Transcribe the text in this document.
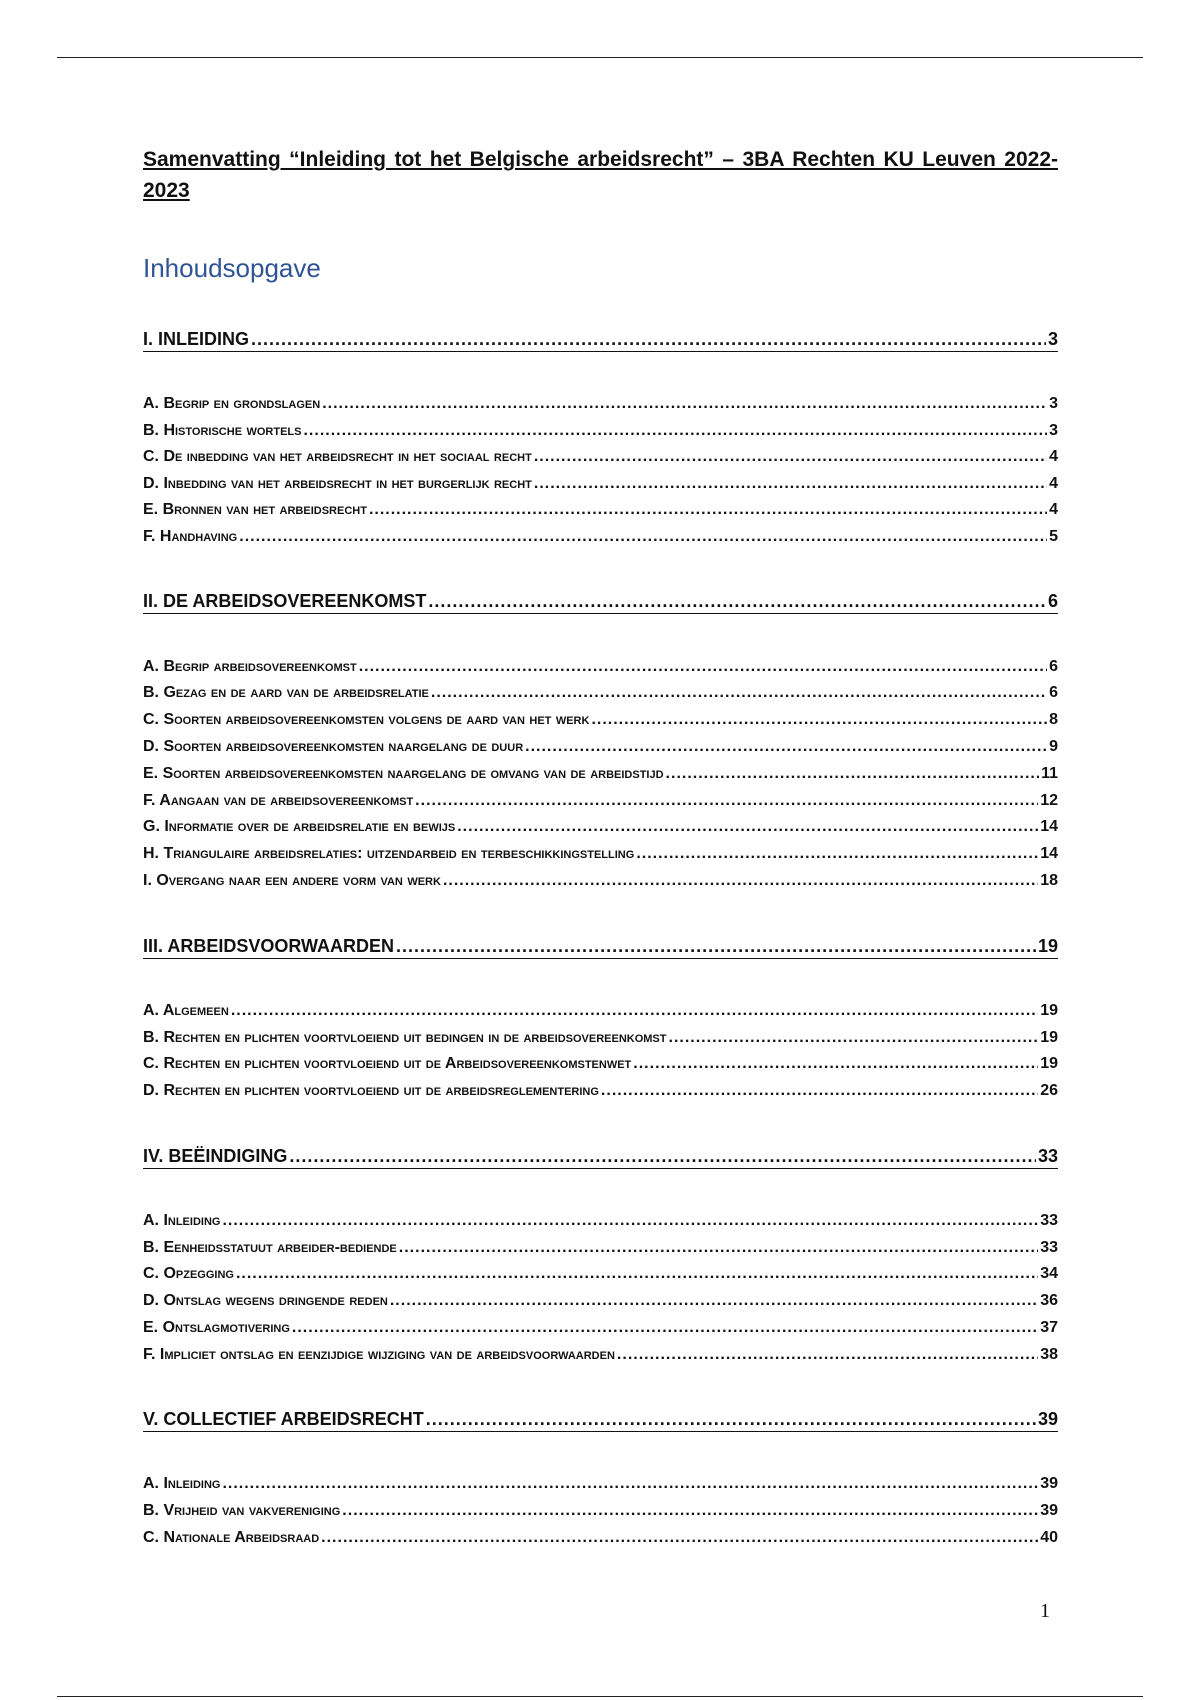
Samenvatting “Inleiding tot het Belgische arbeidsrecht” – 3BA Rechten KU Leuven 2022-2023
Inhoudsopgave
I. INLEIDING .....	3
A. Begrip en grondslagen .....	3
B. Historische wortels .....	3
C. De inbedding van het arbeidsrecht in het sociaal recht .....	4
D. Inbedding van het arbeidsrecht in het burgerlijk recht .....	4
E. Bronnen van het arbeidsrecht .....	4
F. Handhaving .....	5
II. DE ARBEIDSOVEREENKOMST .....	6
A. Begrip arbeidsovereenkomst .....	6
B. Gezag en de aard van de arbeidsrelatie .....	6
C. Soorten arbeidsovereenkomsten volgens de aard van het werk .....	8
D. Soorten arbeidsovereenkomsten naargelang de duur .....	9
E. Soorten arbeidsovereenkomsten naargelang de omvang van de arbeidstijd .....	11
F. Aangaan van de arbeidsovereenkomst .....	12
G. Informatie over de arbeidsrelatie en bewijs .....	14
H. Triangulaire arbeidsrelaties: uitzendarbeid en terbeschikkingstelling .....	14
I. Overgang naar een andere vorm van werk .....	18
III. ARBEIDSVOORWAARDEN .....	19
A. Algemeen .....	19
B. Rechten en plichten voortvloeiend uit bedingen in de arbeidsovereenkomst .....	19
C. Rechten en plichten voortvloeiend uit de Arbeidsovereenkomstenwet .....	19
D. Rechten en plichten voortvloeiend uit de arbeidsreglementering .....	26
IV. BEËINDIGING .....	33
A. Inleiding .....	33
B. Eenheidsstatuut arbeider-bediende .....	33
C. Opzegging .....	34
D. Ontslag wegens dringende reden .....	36
E. Ontslagmotivering .....	37
F. Impliciet ontslag en eenzijdige wijziging van de arbeidsvoorwaarden .....	38
V. COLLECTIEF ARBEIDSRECHT .....	39
A. Inleiding .....	39
B. Vrijheid van vakvereniging .....	39
C. Nationale Arbeidsraad .....	40
1
